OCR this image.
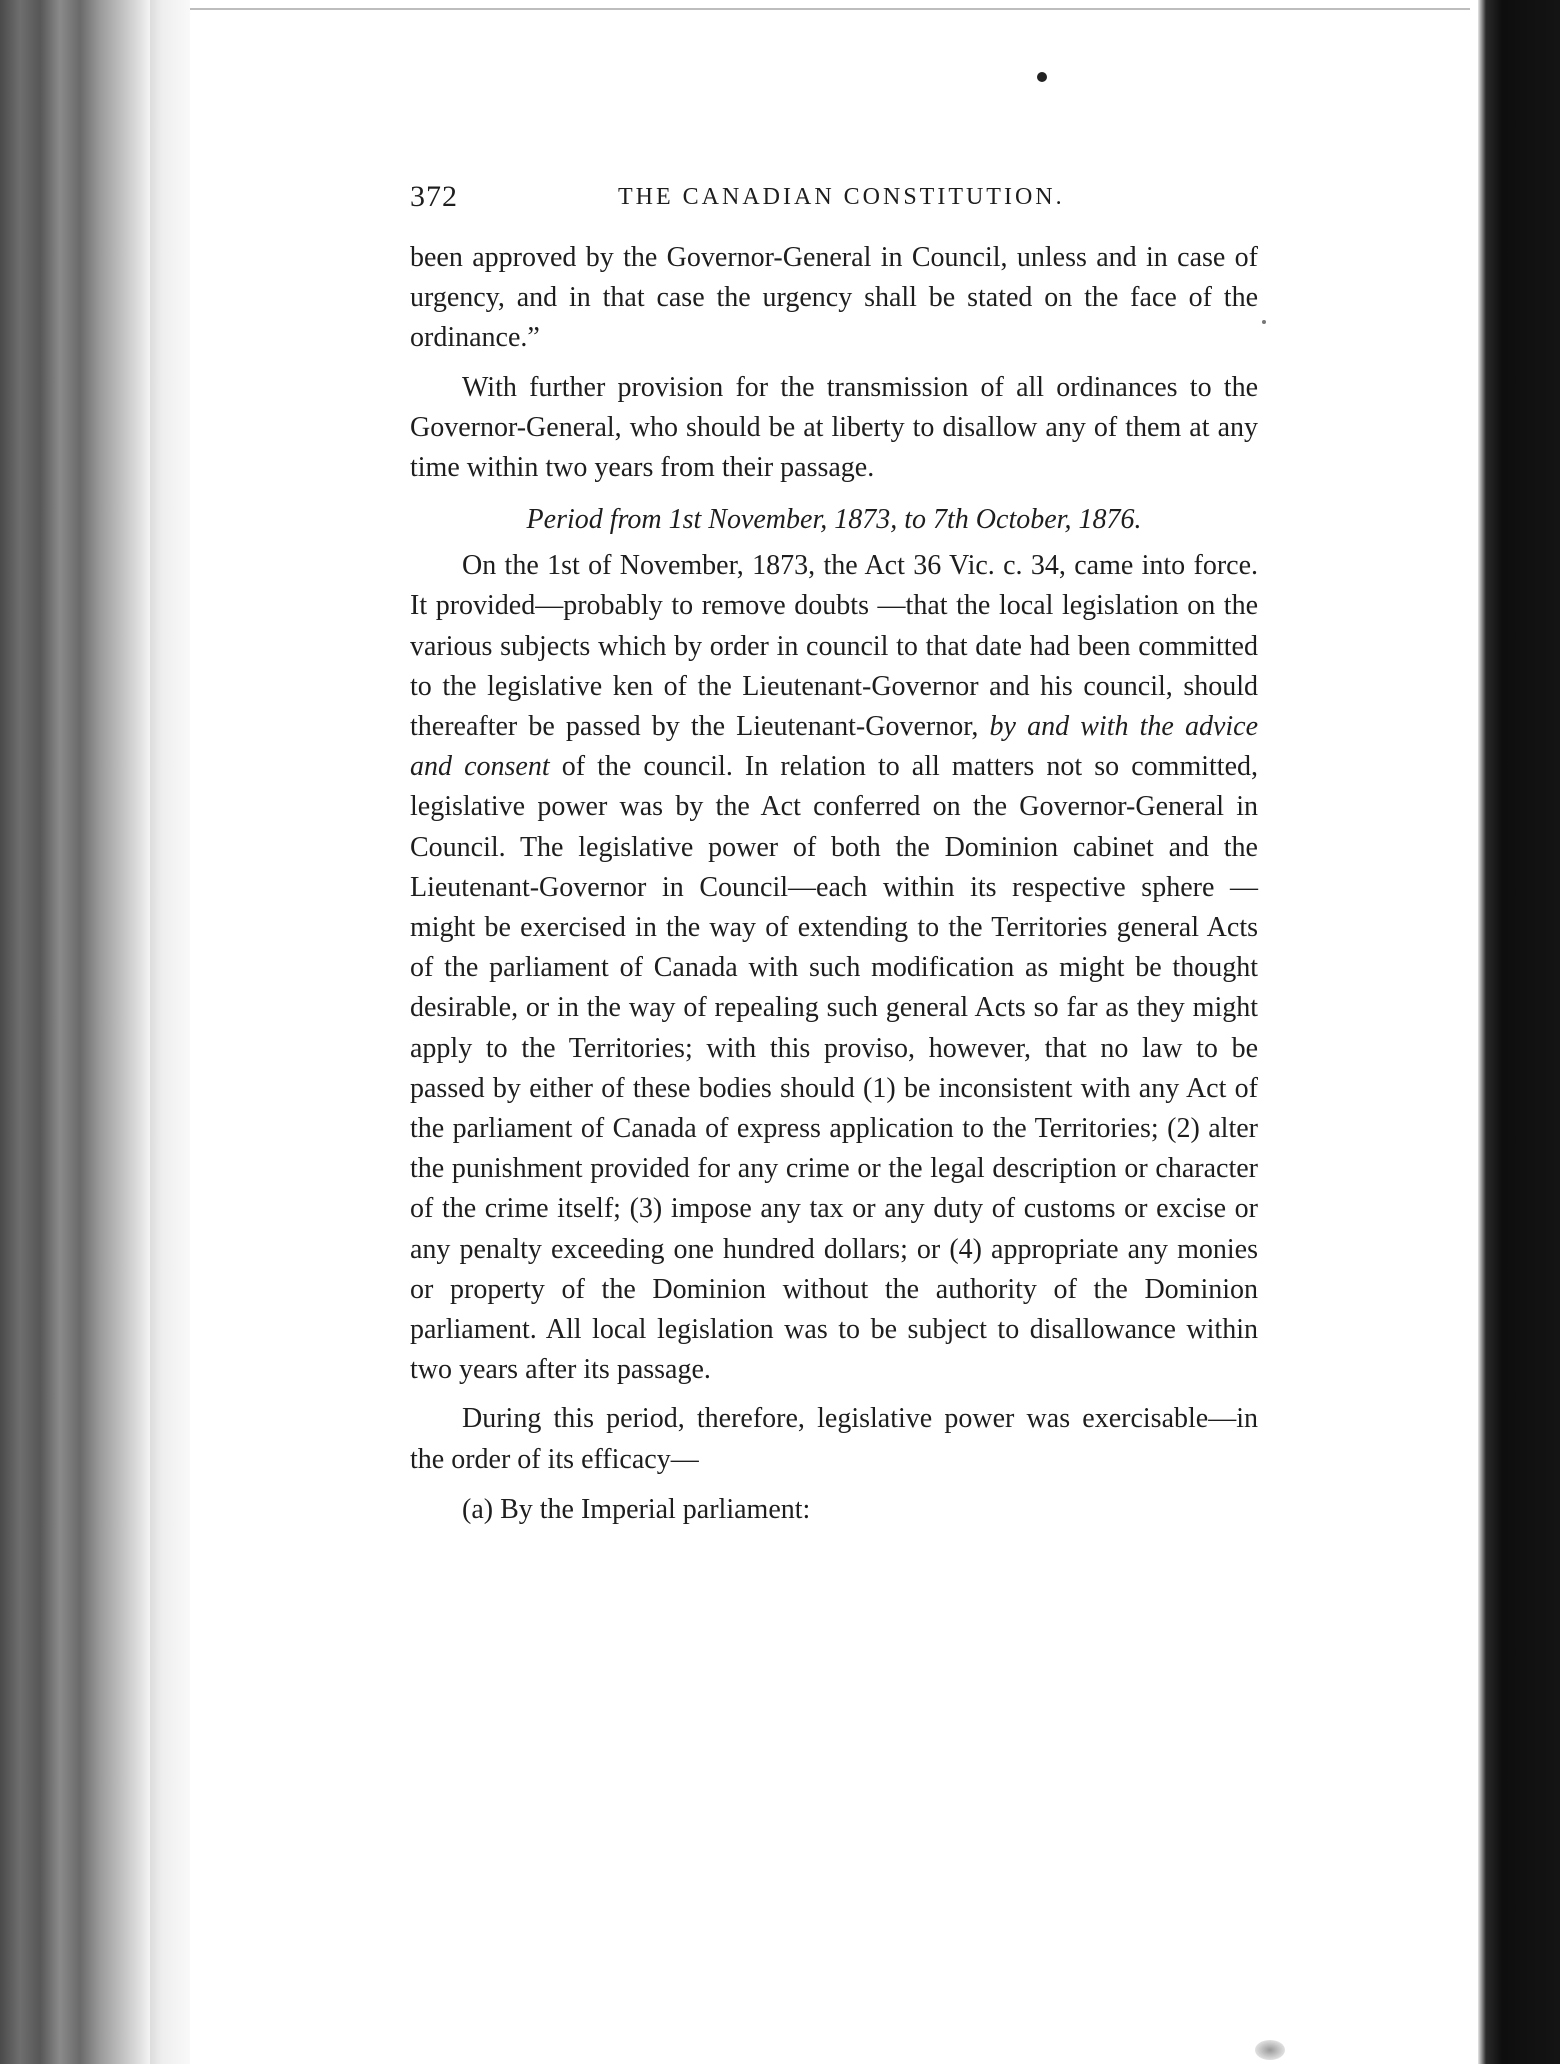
372	THE CANADIAN CONSTITUTION.

been approved by the Governor-General in Council, unless and in case of urgency, and in that case the urgency shall be stated on the face of the ordinance.”

With further provision for the transmission of all ordinances to the Governor-General, who should be at liberty to disallow any of them at any time within two years from their passage.

Period from 1st November, 1873, to 7th October, 1876.

On the 1st of November, 1873, the Act 36 Vic. c. 34, came into force. It provided—probably to remove doubts —that the local legislation on the various subjects which by order in council to that date had been committed to the legislative ken of the Lieutenant-Governor and his council, should thereafter be passed by the Lieutenant-Governor, by and with the advice and consent of the council. In relation to all matters not so committed, legislative power was by the Act conferred on the Governor-General in Council. The legislative power of both the Dominion cabinet and the Lieutenant-Governor in Council—each within its respective sphere —might be exercised in the way of extending to the Territories general Acts of the parliament of Canada with such modification as might be thought desirable, or in the way of repealing such general Acts so far as they might apply to the Territories; with this proviso, however, that no law to be passed by either of these bodies should (1) be inconsistent with any Act of the parliament of Canada of express application to the Territories; (2) alter the punishment provided for any crime or the legal description or character of the crime itself; (3) impose any tax or any duty of customs or excise or any penalty exceeding one hundred dollars; or (4) appropriate any monies or property of the Dominion without the authority of the Dominion parliament. All local legislation was to be subject to disallowance within two years after its passage.

During this period, therefore, legislative power was exercisable—in the order of its efficacy—

(a) By the Imperial parliament:
